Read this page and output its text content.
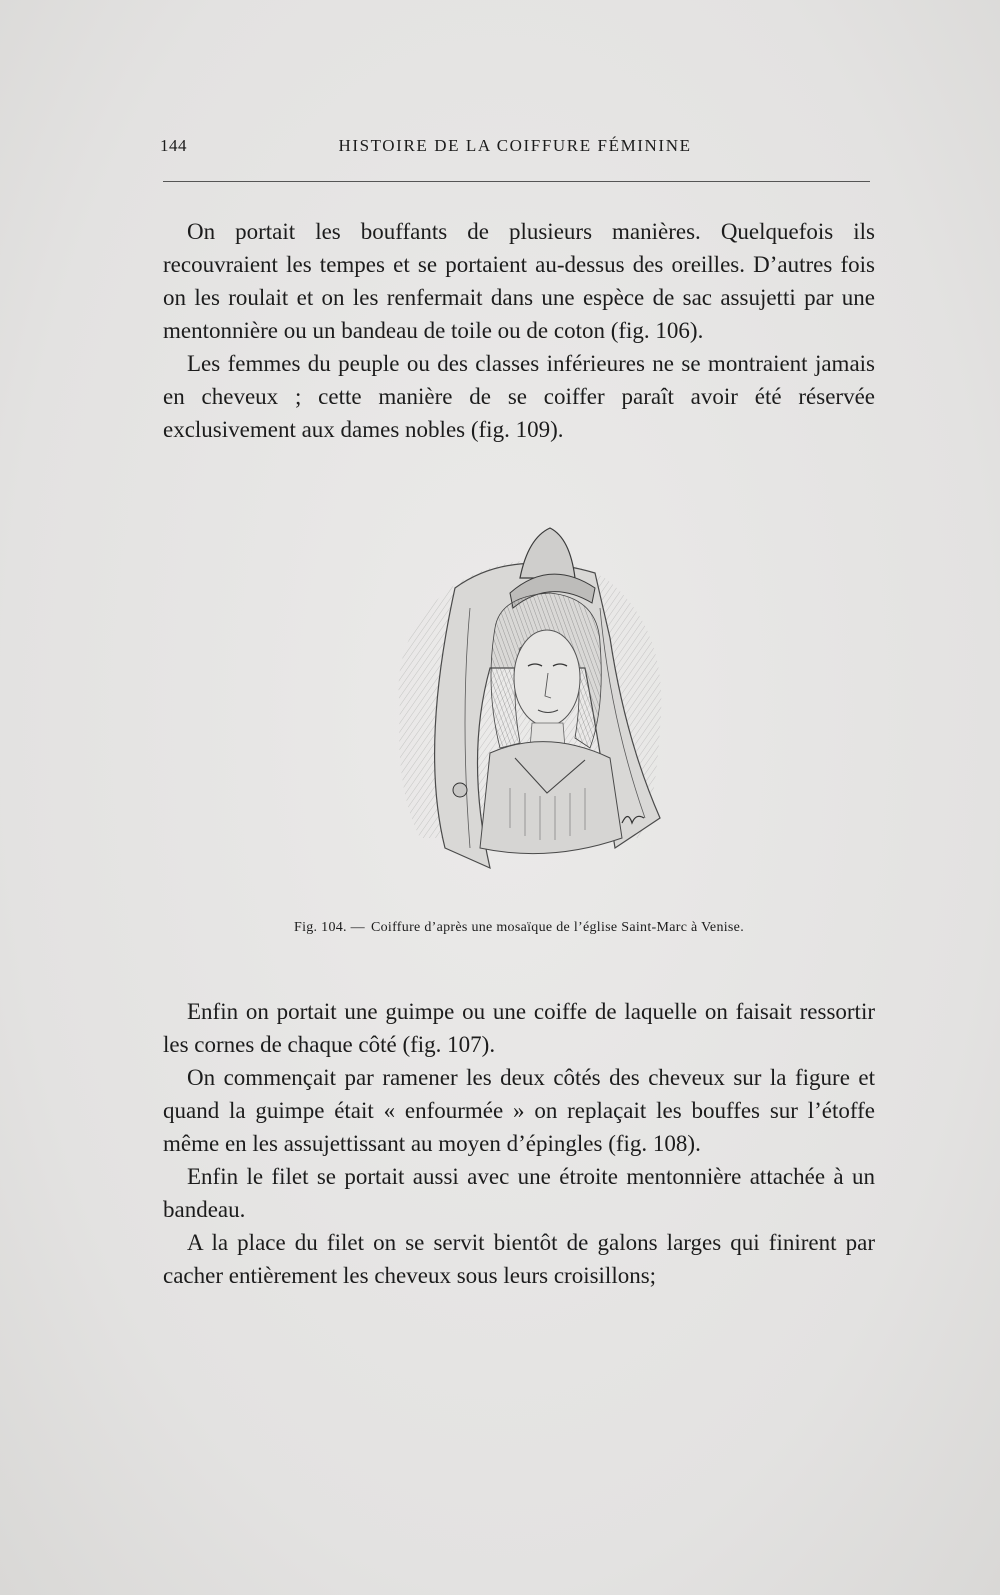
144	HISTOIRE DE LA COIFFURE FÉMININE

On portait les bouffants de plusieurs manières. Quelquefois ils recouvraient les tempes et se portaient au-dessus des oreilles. D’autres fois on les roulait et on les renfermait dans une espèce de sac assujetti par une mentonnière ou un bandeau de toile ou de coton (fig. 106).

Les femmes du peuple ou des classes inférieures ne se montraient jamais en cheveux ; cette manière de se coiffer paraît avoir été réservée exclusivement aux dames nobles (fig. 109).

Fig. 104. — Coiffure d’après une mosaïque de l’église Saint-Marc à Venise.

Enfin on portait une guimpe ou une coiffe de laquelle on faisait ressortir les cornes de chaque côté (fig. 107).

On commençait par ramener les deux côtés des cheveux sur la figure et quand la guimpe était « enfourmée » on replaçait les bouffes sur l’étoffe même en les assujettissant au moyen d’épingles (fig. 108).

Enfin le filet se portait aussi avec une étroite mentonnière attachée à un bandeau.

A la place du filet on se servit bientôt de galons larges qui finirent par cacher entièrement les cheveux sous leurs croisillons;
